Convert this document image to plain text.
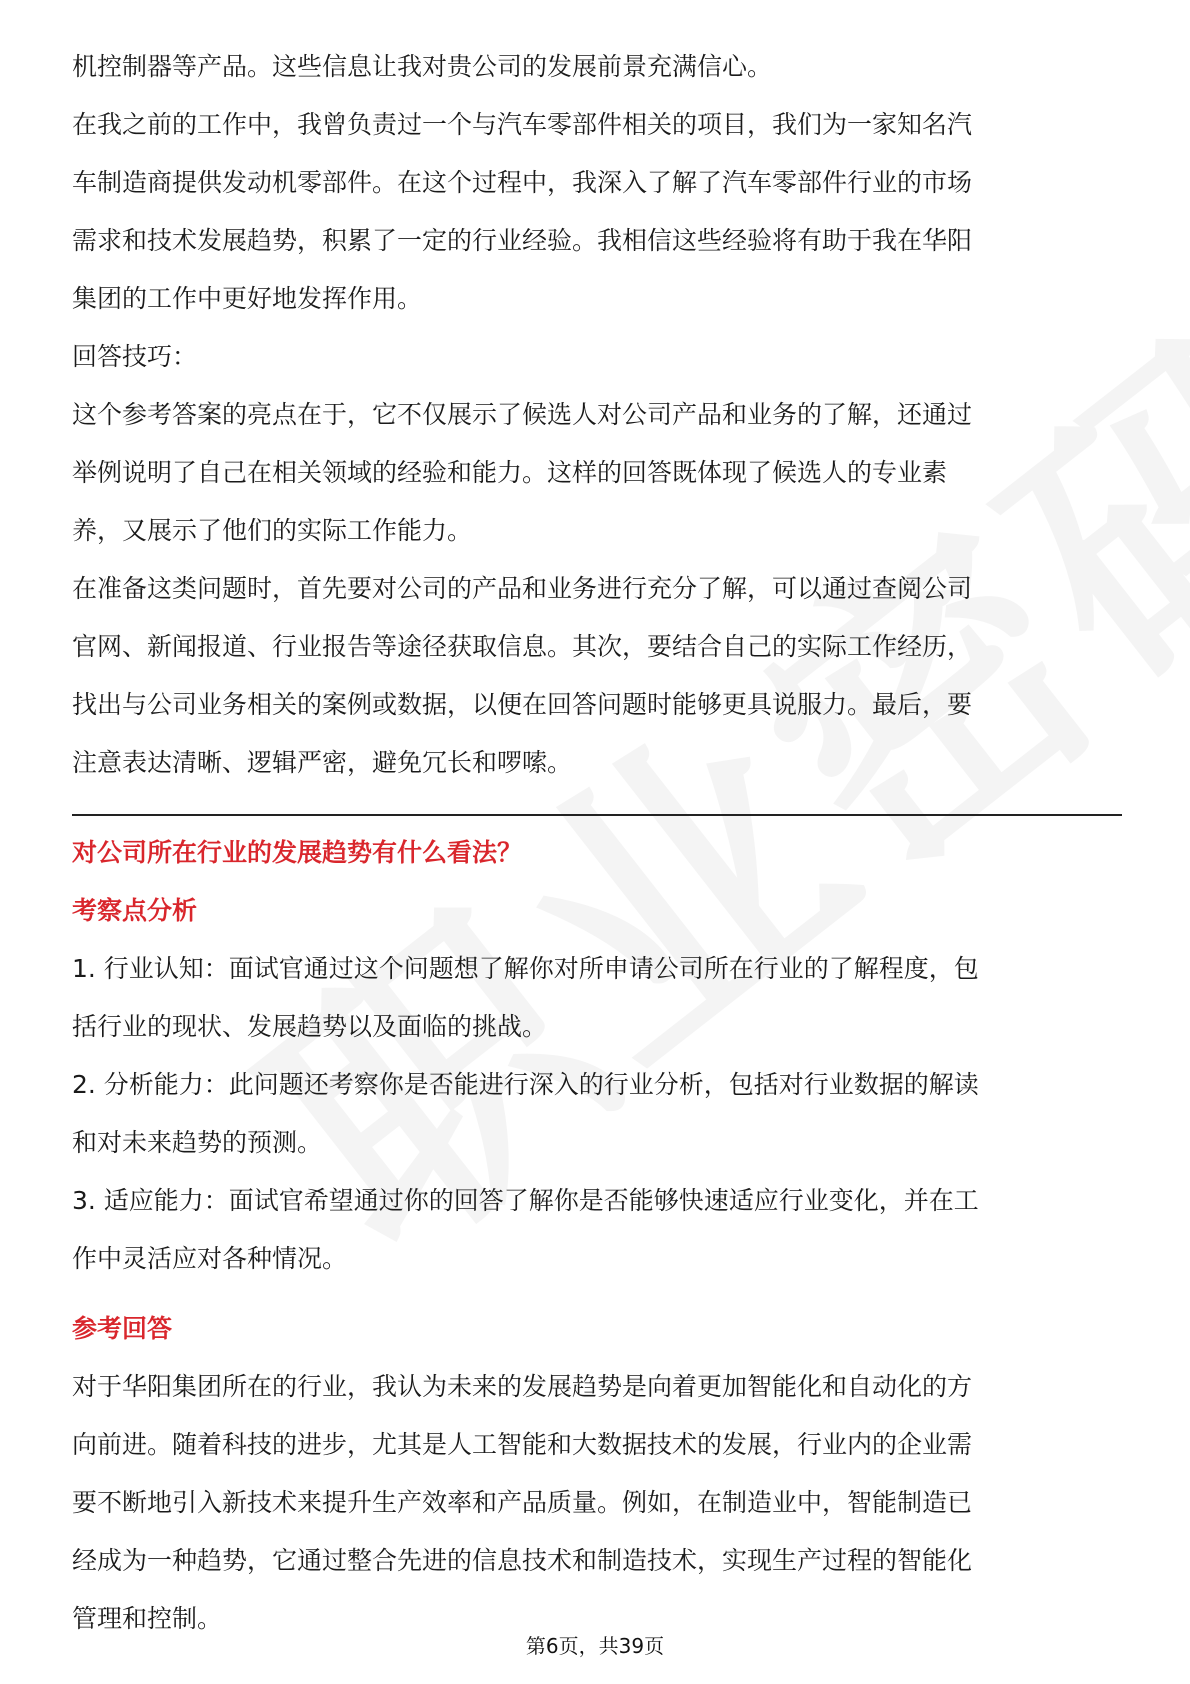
机控制器等产品。这些信息让我对贵公司的发展前景充满信心。

在我之前的工作中，我曾负责过一个与汽车零部件相关的项目，我们为一家知名汽

车制造商提供发动机零部件。在这个过程中，我深入了解了汽车零部件行业的市场

需求和技术发展趋势，积累了一定的行业经验。我相信这些经验将有助于我在华阳

集团的工作中更好地发挥作用。

回答技巧：

这个参考答案的亮点在于，它不仅展示了候选人对公司产品和业务的了解，还通过

举例说明了自己在相关领域的经验和能力。这样的回答既体现了候选人的专业素

养，又展示了他们的实际工作能力。

在准备这类问题时，首先要对公司的产品和业务进行充分了解，可以通过查阅公司

官网、新闻报道、行业报告等途径获取信息。其次，要结合自己的实际工作经历，

找出与公司业务相关的案例或数据，以便在回答问题时能够更具说服力。最后，要

注意表达清晰、逻辑严密，避免冗长和啰嗦。

对公司所在行业的发展趋势有什么看法？

考察点分析

1. 行业认知：面试官通过这个问题想了解你对所申请公司所在行业的了解程度，包

括行业的现状、发展趋势以及面临的挑战。

2. 分析能力：此问题还考察你是否能进行深入的行业分析，包括对行业数据的解读

和对未来趋势的预测。

3. 适应能力：面试官希望通过你的回答了解你是否能够快速适应行业变化，并在工

作中灵活应对各种情况。

参考回答

对于华阳集团所在的行业，我认为未来的发展趋势是向着更加智能化和自动化的方

向前进。随着科技的进步，尤其是人工智能和大数据技术的发展，行业内的企业需

要不断地引入新技术来提升生产效率和产品质量。例如，在制造业中，智能制造已

经成为一种趋势，它通过整合先进的信息技术和制造技术，实现生产过程的智能化

管理和控制。

第6页，共39页
